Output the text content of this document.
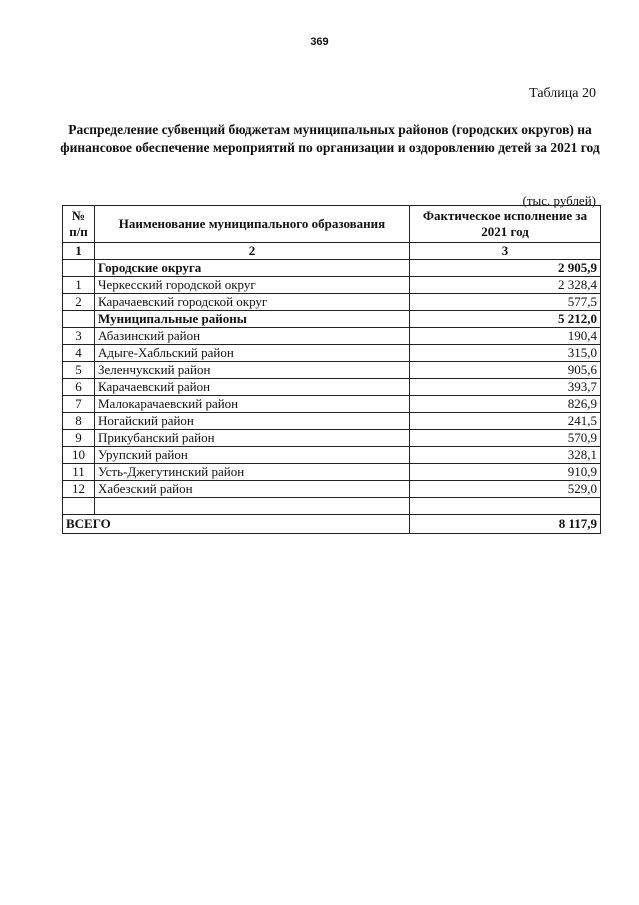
369
Таблица 20
Распределение субвенций бюджетам муниципальных районов (городских округов) на финансовое обеспечение мероприятий по организации и оздоровлению детей за 2021 год
(тыс. рублей)
№ п/п	Наименование муниципального образования	Фактическое исполнение за 2021 год
1	2	3
	Городские округа	2 905,9
1	Черкесский городской округ	2 328,4
2	Карачаевский городской округ	577,5
	Муниципальные районы	5 212,0
3	Абазинский район	190,4
4	Адыге-Хабльский район	315,0
5	Зеленчукский район	905,6
6	Карачаевский район	393,7
7	Малокарачаевский район	826,9
8	Ногайский район	241,5
9	Прикубанский район	570,9
10	Урупский район	328,1
11	Усть-Джегутинский район	910,9
12	Хабезский район	529,0

ВСЕГО		8 117,9
